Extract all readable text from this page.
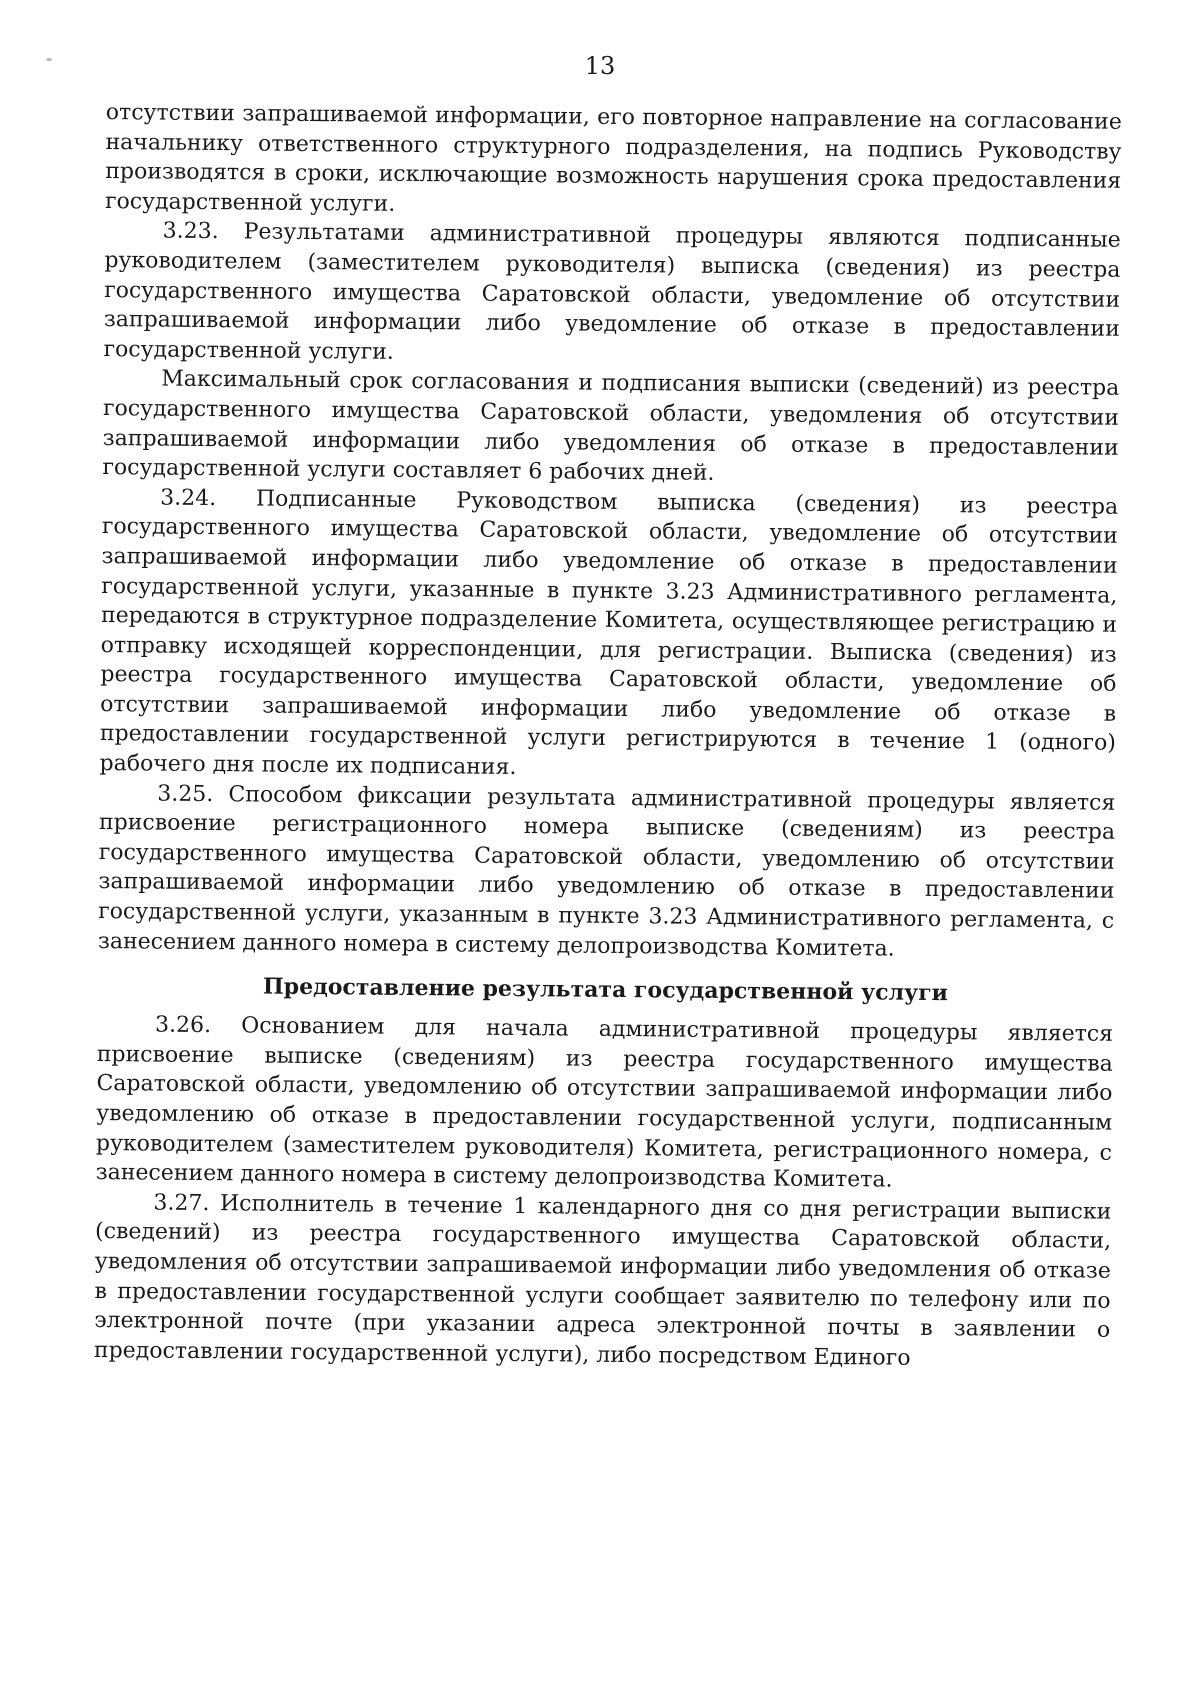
13

отсутствии запрашиваемой информации, его повторное направление на согласование начальнику ответственного структурного подразделения, на подпись Руководству производятся в сроки, исключающие возможность нарушения срока предоставления государственной услуги.

3.23. Результатами административной процедуры являются подписанные руководителем (заместителем руководителя) выписка (сведения) из реестра государственного имущества Саратовской области, уведомление об отсутствии запрашиваемой информации либо уведомление об отказе в предоставлении государственной услуги.

Максимальный срок согласования и подписания выписки (сведений) из реестра государственного имущества Саратовской области, уведомления об отсутствии запрашиваемой информации либо уведомления об отказе в предоставлении государственной услуги составляет 6 рабочих дней.

3.24. Подписанные Руководством выписка (сведения) из реестра государственного имущества Саратовской области, уведомление об отсутствии запрашиваемой информации либо уведомление об отказе в предоставлении государственной услуги, указанные в пункте 3.23 Административного регламента, передаются в структурное подразделение Комитета, осуществляющее регистрацию и отправку исходящей корреспонденции, для регистрации. Выписка (сведения) из реестра государственного имущества Саратовской области, уведомление об отсутствии запрашиваемой информации либо уведомление об отказе в предоставлении государственной услуги регистрируются в течение 1 (одного) рабочего дня после их подписания.

3.25. Способом фиксации результата административной процедуры является присвоение регистрационного номера выписке (сведениям) из реестра государственного имущества Саратовской области, уведомлению об отсутствии запрашиваемой информации либо уведомлению об отказе в предоставлении государственной услуги, указанным в пункте 3.23 Административного регламента, с занесением данного номера в систему делопроизводства Комитета.

Предоставление результата государственной услуги

3.26. Основанием для начала административной процедуры является присвоение выписке (сведениям) из реестра государственного имущества Саратовской области, уведомлению об отсутствии запрашиваемой информации либо уведомлению об отказе в предоставлении государственной услуги, подписанным руководителем (заместителем руководителя) Комитета, регистрационного номера, с занесением данного номера в систему делопроизводства Комитета.

3.27. Исполнитель в течение 1 календарного дня со дня регистрации выписки (сведений) из реестра государственного имущества Саратовской области, уведомления об отсутствии запрашиваемой информации либо уведомления об отказе в предоставлении государственной услуги сообщает заявителю по телефону или по электронной почте (при указании адреса электронной почты в заявлении о предоставлении государственной услуги), либо посредством Единого
